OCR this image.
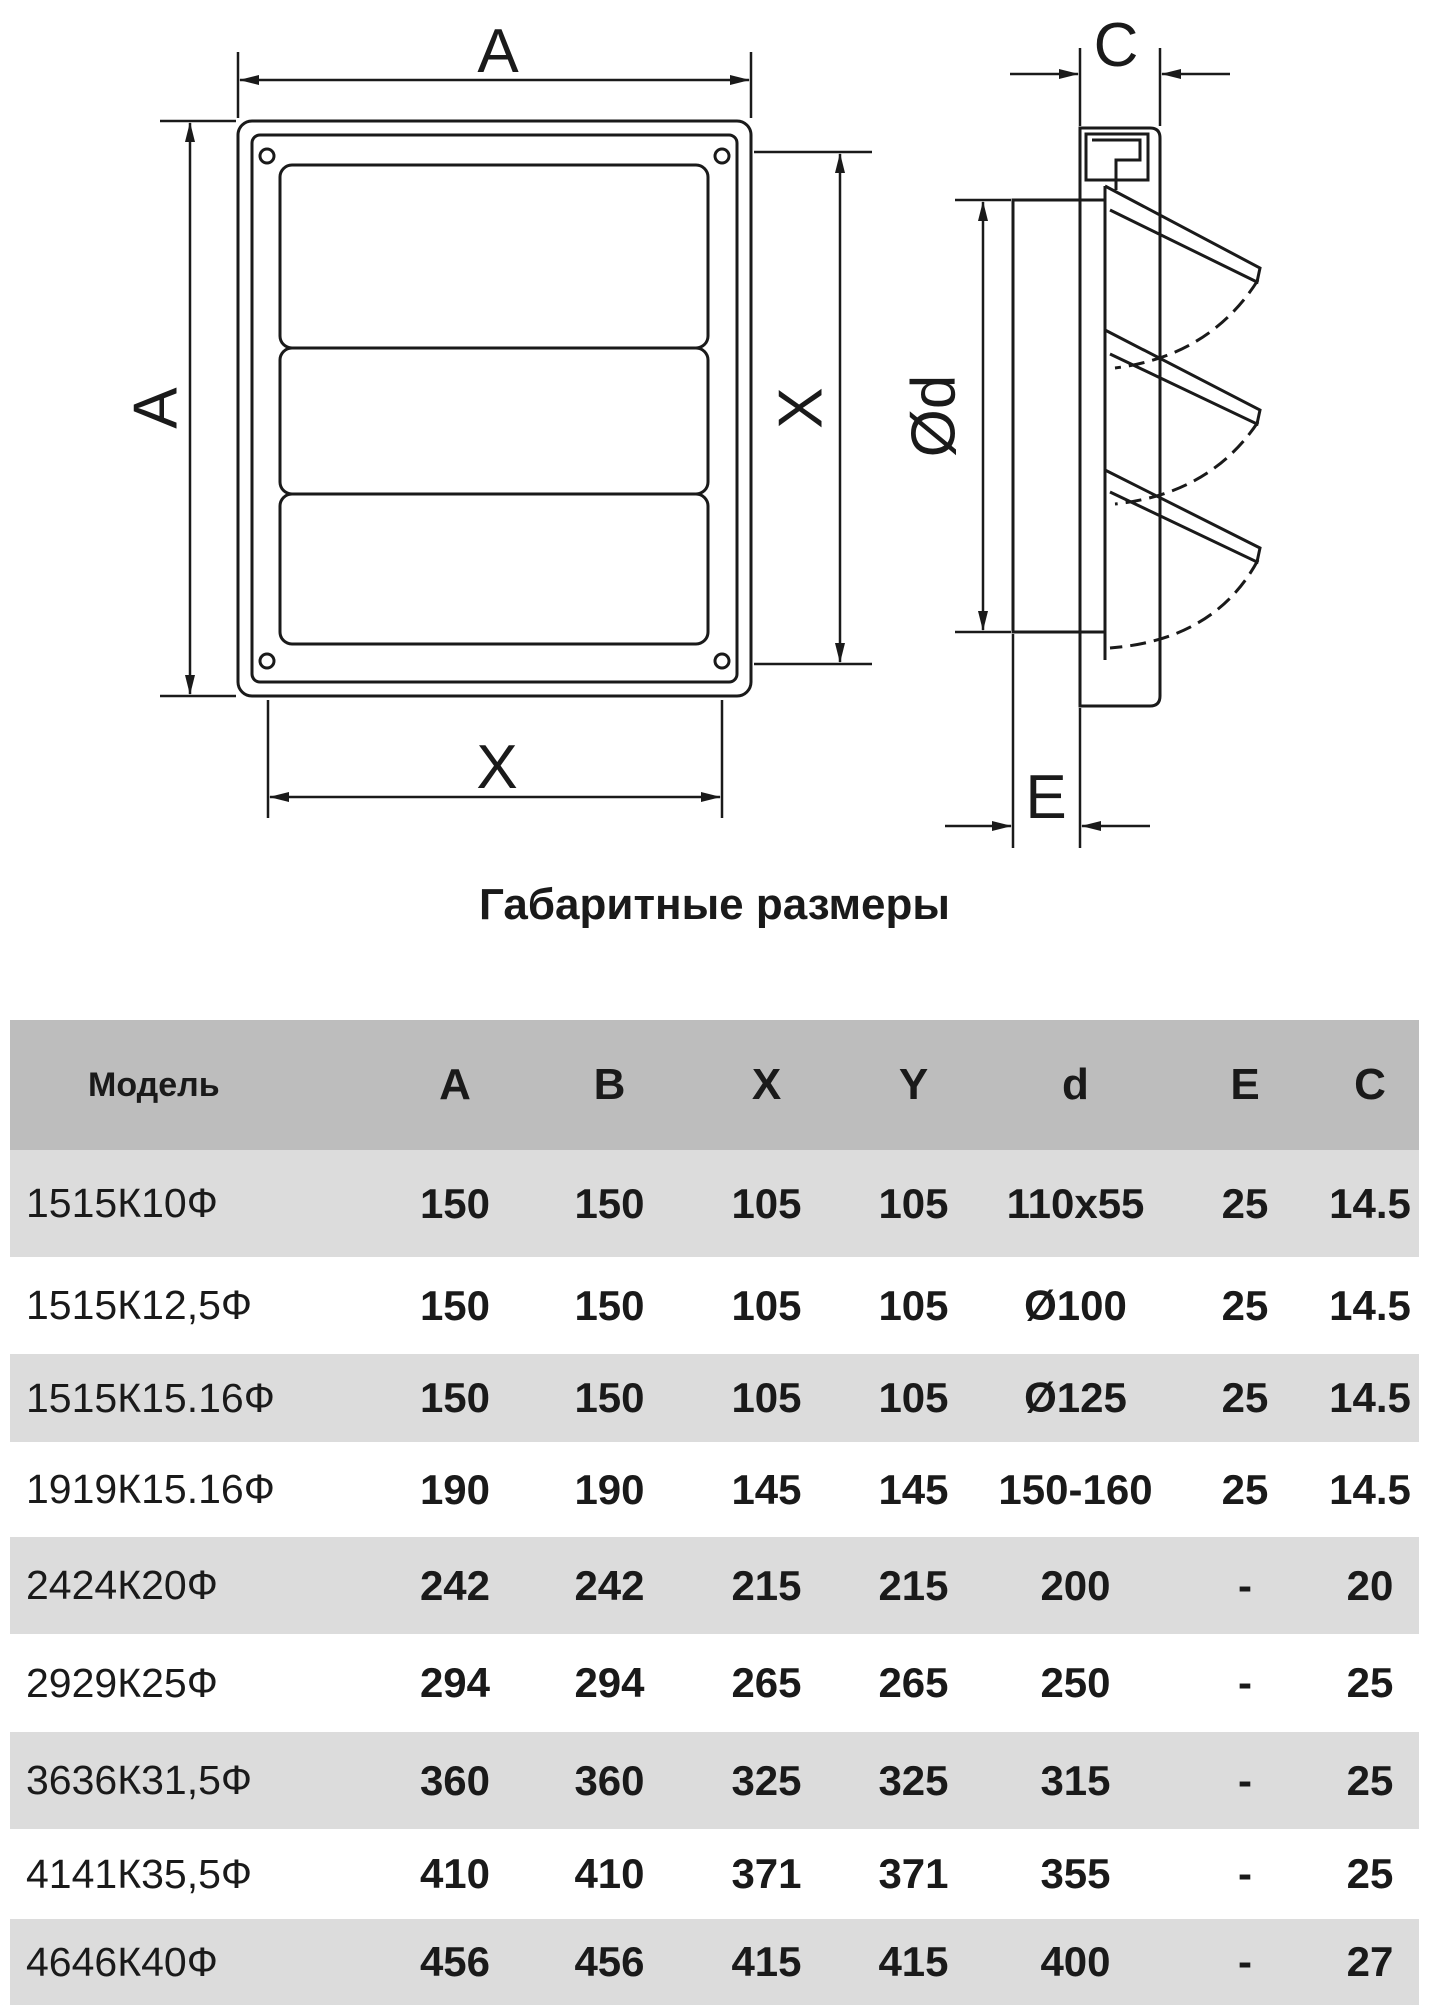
A
A	X
X
C
Ød
E
Габаритные размеры
Модель	A	B	X	Y	d	E	C
1515К10Ф	150	150	105	105	110x55	25	14.5
1515К12,5Ф	150	150	105	105	Ø100	25	14.5
1515К15.16Ф	150	150	105	105	Ø125	25	14.5
1919К15.16Ф	190	190	145	145	150-160	25	14.5
2424К20Ф	242	242	215	215	200	-	20
2929К25Ф	294	294	265	265	250	-	25
3636К31,5Ф	360	360	325	325	315	-	25
4141К35,5Ф	410	410	371	371	355	-	25
4646К40Ф	456	456	415	415	400	-	27
